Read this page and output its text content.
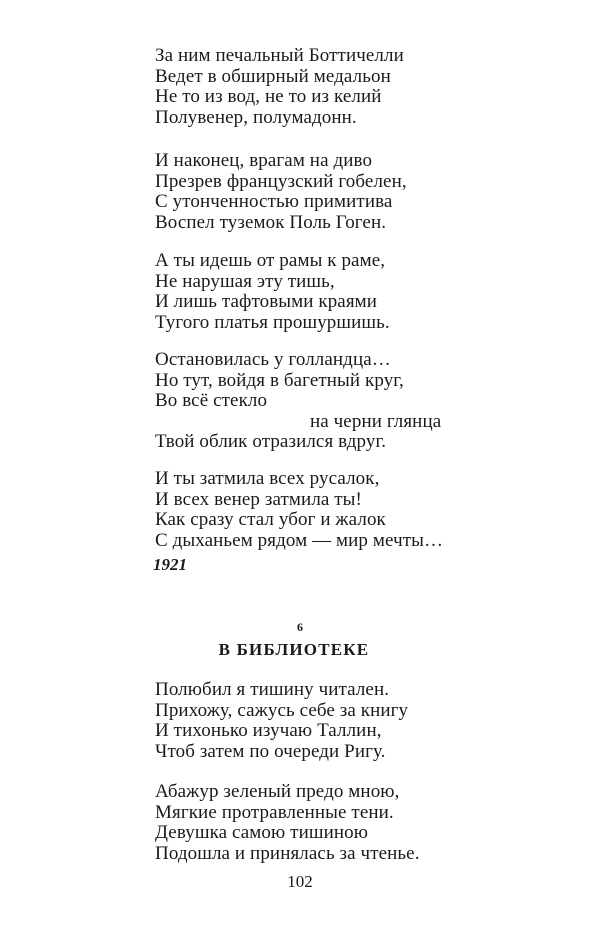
За ним печальный Боттичелли
Ведет в обширный медальон
Не то из вод, не то из келий
Полувенер, полумадонн.
И наконец, врагам на диво
Презрев французский гобелен,
С утонченностью примитива
Воспел туземок Поль Гоген.
А ты идешь от рамы к раме,
Не нарушая эту тишь,
И лишь тафтовыми краями
Тугого платья прошуршишь.
Остановилась у голландца…
Но тут, войдя в багетный круг,
Во всё стекло
на черни глянца
Твой облик отразился вдруг.
И ты затмила всех русалок,
И всех венер затмила ты!
Как сразу стал убог и жалок
С дыханьем рядом — мир мечты…
1921
6
В БИБЛИОТЕКЕ
Полюбил я тишину читален.
Прихожу, сажусь себе за книгу
И тихонько изучаю Таллин,
Чтоб затем по очереди Ригу.
Абажур зеленый предо мною,
Мягкие протравленные тени.
Девушка самою тишиною
Подошла и принялась за чтенье.
102
